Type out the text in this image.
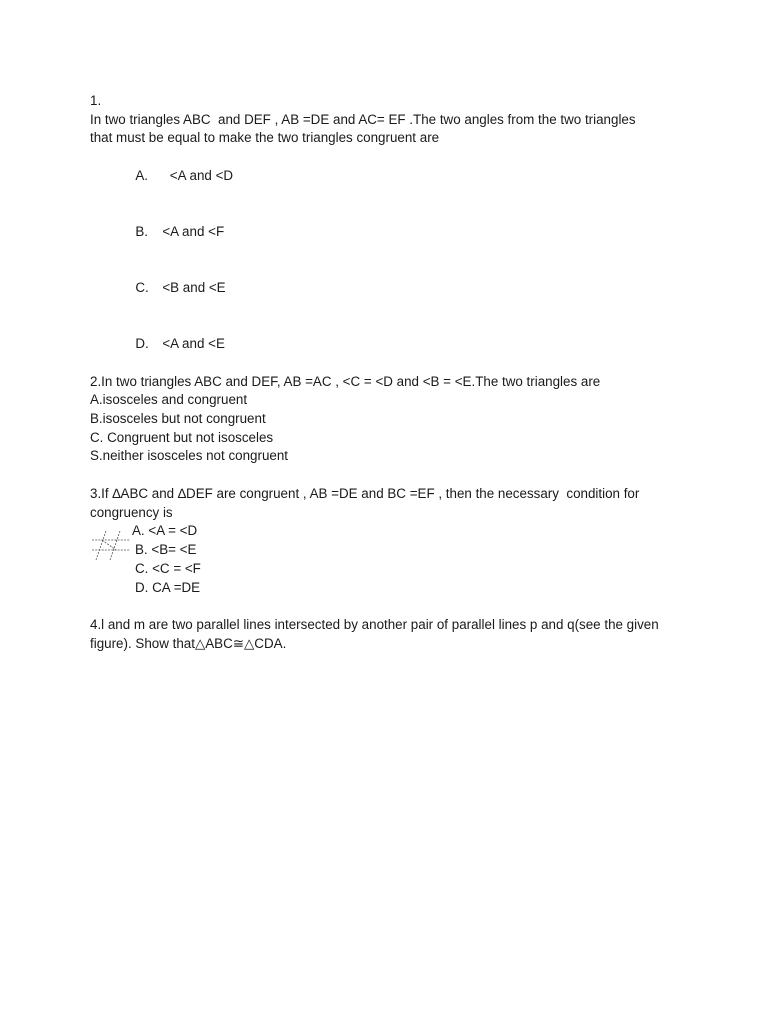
1.
In two triangles ABC  and DEF , AB =DE and AC= EF .The two angles from the two triangles
that must be equal to make the two triangles congruent are

A.  <A and <D

B. <A and <F

C. <B and <E

D. <A and <E

2.In two triangles ABC and DEF, AB =AC , <C = <D and <B = <E.The two triangles are
A.isosceles and congruent
B.isosceles but not congruent
C. Congruent but not isosceles
S.neither isosceles not congruent
3.If ∆ABC and ∆DEF are congruent , AB =DE and BC =EF , then the necessary  condition for
congruency is
A. <A = <D
B. <B= <E
C. <C = <F
D. CA =DE
4.l and m are two parallel lines intersected by another pair of parallel lines p and q(see the given
figure). Show that△ABC≅△CDA.
